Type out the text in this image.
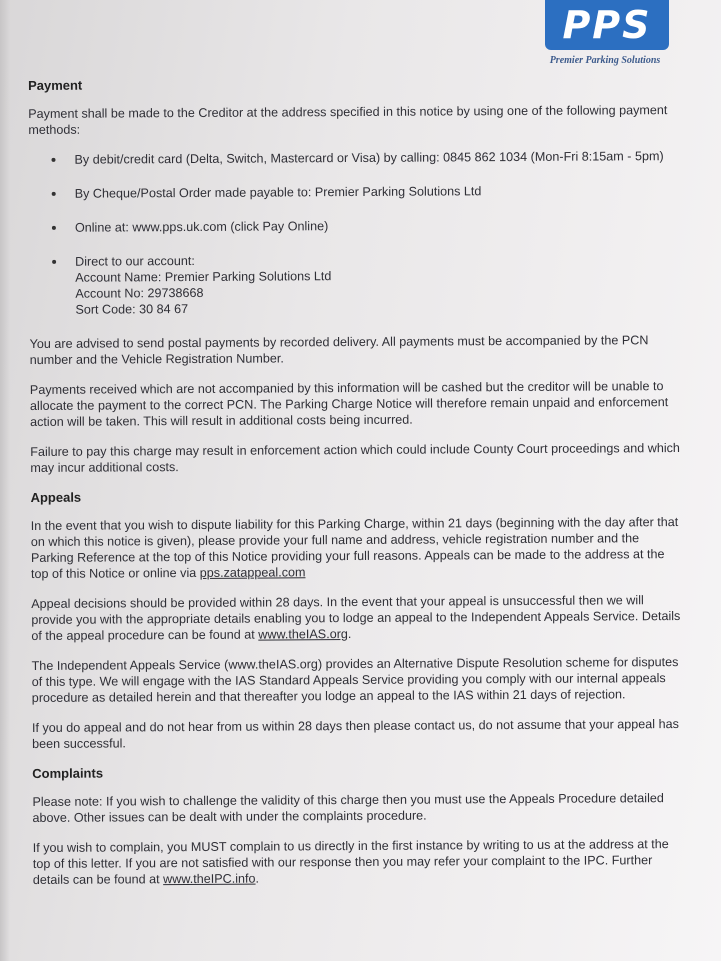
PPS
Premier Parking Solutions
Payment

Payment shall be made to the Creditor at the address specified in this notice by using one of the following payment methods:

By debit/credit card (Delta, Switch, Mastercard or Visa) by calling: 0845 862 1034 (Mon-Fri 8:15am - 5pm)
By Cheque/Postal Order made payable to: Premier Parking Solutions Ltd
Online at: www.pps.uk.com (click Pay Online)
Direct to our account:
Account Name: Premier Parking Solutions Ltd
Account No: 29738668
Sort Code: 30 84 67

You are advised to send postal payments by recorded delivery. All payments must be accompanied by the PCN number and the Vehicle Registration Number.

Payments received which are not accompanied by this information will be cashed but the creditor will be unable to allocate the payment to the correct PCN. The Parking Charge Notice will therefore remain unpaid and enforcement action will be taken. This will result in additional costs being incurred.

Failure to pay this charge may result in enforcement action which could include County Court proceedings and which may incur additional costs.

Appeals

In the event that you wish to dispute liability for this Parking Charge, within 21 days (beginning with the day after that on which this notice is given), please provide your full name and address, vehicle registration number and the Parking Reference at the top of this Notice providing your full reasons. Appeals can be made to the address at the top of this Notice or online via pps.zatappeal.com

Appeal decisions should be provided within 28 days. In the event that your appeal is unsuccessful then we will provide you with the appropriate details enabling you to lodge an appeal to the Independent Appeals Service. Details of the appeal procedure can be found at www.theIAS.org.

The Independent Appeals Service (www.theIAS.org) provides an Alternative Dispute Resolution scheme for disputes of this type. We will engage with the IAS Standard Appeals Service providing you comply with our internal appeals procedure as detailed herein and that thereafter you lodge an appeal to the IAS within 21 days of rejection.

If you do appeal and do not hear from us within 28 days then please contact us, do not assume that your appeal has been successful.

Complaints

Please note: If you wish to challenge the validity of this charge then you must use the Appeals Procedure detailed above. Other issues can be dealt with under the complaints procedure.

If you wish to complain, you MUST complain to us directly in the first instance by writing to us at the address at the top of this letter. If you are not satisfied with our response then you may refer your complaint to the IPC. Further details can be found at www.theIPC.info.
